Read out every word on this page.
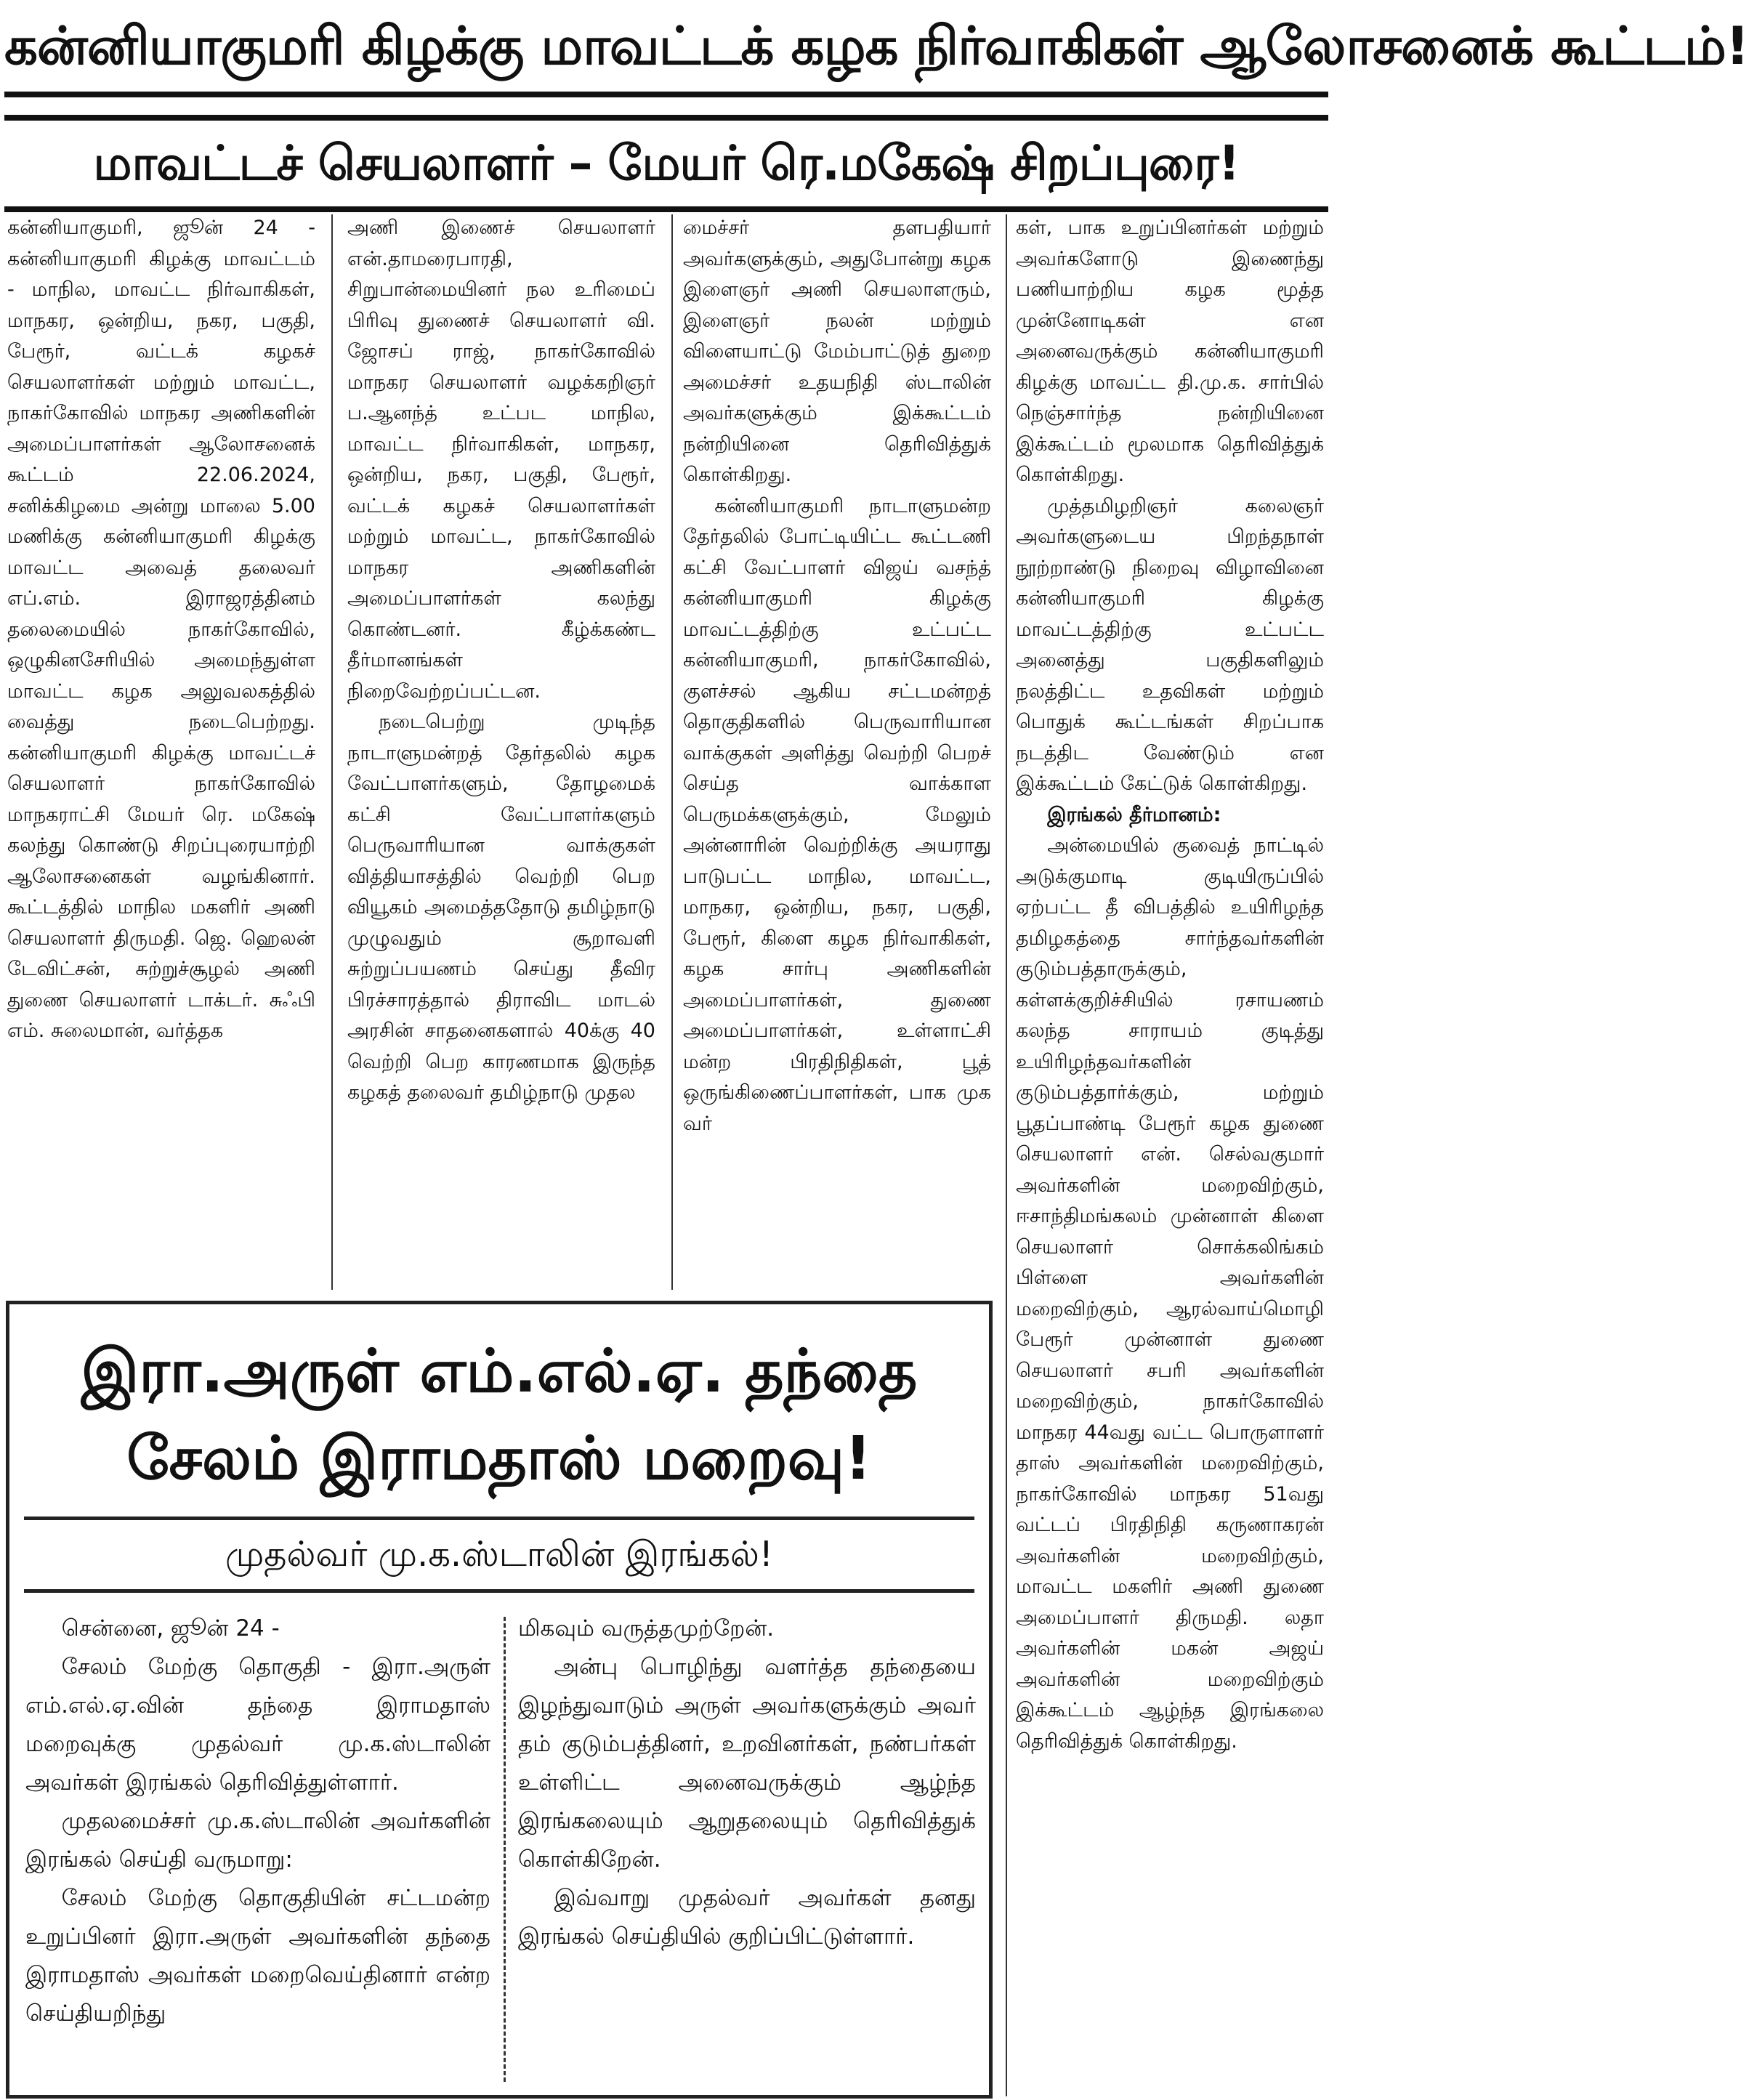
கன்னியாகுமரி கிழக்கு மாவட்டக் கழக நிர்வாகிகள் ஆலோசனைக் கூட்டம்!
மாவட்டச் செயலாளர் – மேயர் ரெ.மகேஷ் சிறப்புரை!

கன்னியாகுமரி, ஜூன் 24 - கன்னியாகுமரி கிழக்கு மாவட்டம் - மாநில, மாவட்ட நிர்வாகிகள், மாநகர, ஒன்றிய, நகர, பகுதி, பேரூர், வட்டக் கழகச் செயலாளர்கள் மற்றும் மாவட்ட, நாகர்கோவில் மாநகர அணிகளின் அமைப்பாளர்கள் ஆலோசனைக் கூட்டம் 22.06.2024, சனிக்கிழமை அன்று மாலை 5.00 மணிக்கு கன்னியாகுமரி கிழக்கு மாவட்ட அவைத் தலைவர் எப்.எம். இராஜரத்தினம் தலைமையில் நாகர்கோவில், ஒழுகினசேரியில் அமைந்துள்ள மாவட்ட கழக அலுவலகத்தில் வைத்து நடைபெற்றது. கன்னியாகுமரி கிழக்கு மாவட்டச் செயலாளர் நாகர்கோவில் மாநகராட்சி மேயர் ரெ. மகேஷ் கலந்து கொண்டு சிறப்புரையாற்றி ஆலோசனைகள் வழங்கினார். கூட்டத்தில் மாநில மகளிர் அணி செயலாளர் திருமதி. ஜெ. ஹெலன் டேவிட்சன், சுற்றுச்சூழல் அணி துணை செயலாளர் டாக்டர். சுஃபி எம். சுலைமான், வர்த்தக

அணி இணைச் செயலாளர் என்.தாமரைபாரதி, சிறுபான்மையினர் நல உரிமைப் பிரிவு துணைச் செயலாளர் வி. ஜோசப் ராஜ், நாகர்கோவில் மாநகர செயலாளர் வழக்கறிஞர் ப.ஆனந்த் உட்பட மாநில, மாவட்ட நிர்வாகிகள், மாநகர, ஒன்றிய, நகர, பகுதி, பேரூர், வட்டக் கழகச் செயலாளர்கள் மற்றும் மாவட்ட, நாகர்கோவில் மாநகர அணிகளின் அமைப்பாளர்கள் கலந்து கொண்டனர். கீழ்க்கண்ட தீர்மானங்கள் நிறைவேற்றப்பட்டன.

நடைபெற்று முடிந்த நாடாளுமன்றத் தேர்தலில் கழக வேட்பாளர்களும், தோழமைக் கட்சி வேட்பாளர்களும் பெருவாரியான வாக்குகள் வித்தியாசத்தில் வெற்றி பெற வியூகம் அமைத்ததோடு தமிழ்நாடு முழுவதும் சூறாவளி சுற்றுப்பயணம் செய்து தீவிர பிரச்சாரத்தால் திராவிட மாடல் அரசின் சாதனைகளால் 40க்கு 40 வெற்றி பெற காரணமாக இருந்த கழகத் தலைவர் தமிழ்நாடு முதல

மைச்சர் தளபதியார் அவர்களுக்கும், அதுபோன்று கழக இளைஞர் அணி செயலாளரும், இளைஞர் நலன் மற்றும் விளையாட்டு மேம்பாட்டுத் துறை அமைச்சர் உதயநிதி ஸ்டாலின் அவர்களுக்கும் இக்கூட்டம் நன்றியினை தெரிவித்துக் கொள்கிறது.

கன்னியாகுமரி நாடாளுமன்ற தேர்தலில் போட்டியிட்ட கூட்டணி கட்சி வேட்பாளர் விஜய் வசந்த் கன்னியாகுமரி கிழக்கு மாவட்டத்திற்கு உட்பட்ட கன்னியாகுமரி, நாகர்கோவில், குளச்சல் ஆகிய சட்டமன்றத் தொகுதிகளில் பெருவாரியான வாக்குகள் அளித்து வெற்றி பெறச் செய்த வாக்காள பெருமக்களுக்கும், மேலும் அன்னாரின் வெற்றிக்கு அயராது பாடுபட்ட மாநில, மாவட்ட, மாநகர, ஒன்றிய, நகர, பகுதி, பேரூர், கிளை கழக நிர்வாகிகள், கழக சார்பு அணிகளின் அமைப்பாளர்கள், துணை அமைப்பாளர்கள், உள்ளாட்சி மன்ற பிரதிநிதிகள், பூத் ஒருங்கிணைப்பாளர்கள், பாக முக வர்

கள், பாக உறுப்பினர்கள் மற்றும் அவர்களோடு இணைந்து பணியாற்றிய கழக மூத்த முன்னோடிகள் என அனைவருக்கும் கன்னியாகுமரி கிழக்கு மாவட்ட தி.மு.க. சார்பில் நெஞ்சார்ந்த நன்றியினை இக்கூட்டம் மூலமாக தெரிவித்துக் கொள்கிறது.

முத்தமிழறிஞர் கலைஞர் அவர்களுடைய பிறந்தநாள் நூற்றாண்டு நிறைவு விழாவினை கன்னியாகுமரி கிழக்கு மாவட்டத்திற்கு உட்பட்ட அனைத்து பகுதிகளிலும் நலத்திட்ட உதவிகள் மற்றும் பொதுக் கூட்டங்கள் சிறப்பாக நடத்திட வேண்டும் என இக்கூட்டம் கேட்டுக் கொள்கிறது.

இரங்கல் தீர்மானம்:

அன்மையில் குவைத் நாட்டில் அடுக்குமாடி குடியிருப்பில் ஏற்பட்ட தீ விபத்தில் உயிரிழந்த தமிழகத்தை சார்ந்தவர்களின் குடும்பத்தாருக்கும், கள்ளக்குறிச்சியில் ரசாயணம் கலந்த சாராயம் குடித்து உயிரிழந்தவர்களின் குடும்பத்தார்க்கும், மற்றும் பூதப்பாண்டி பேரூர் கழக துணை செயலாளர் என். செல்வகுமார் அவர்களின் மறைவிற்கும், ஈசாந்திமங்கலம் முன்னாள் கிளை செயலாளர் சொக்கலிங்கம் பிள்ளை அவர்களின் மறைவிற்கும், ஆரல்வாய்மொழி பேரூர் முன்னாள் துணை செயலாளர் சபரி அவர்களின் மறைவிற்கும், நாகர்கோவில் மாநகர 44வது வட்ட பொருளாளர் தாஸ் அவர்களின் மறைவிற்கும், நாகர்கோவில் மாநகர 51வது வட்டப் பிரதிநிதி கருணாகரன் அவர்களின் மறைவிற்கும், மாவட்ட மகளிர் அணி துணை அமைப்பாளர் திருமதி. லதா அவர்களின் மகன் அஜய் அவர்களின் மறைவிற்கும் இக்கூட்டம் ஆழ்ந்த இரங்கலை தெரிவித்துக் கொள்கிறது.

இரா.அருள் எம்.எல்.ஏ. தந்தை
சேலம் இராமதாஸ் மறைவு!
முதல்வர் மு.க.ஸ்டாலின் இரங்கல்!

சென்னை, ஜூன் 24 -

சேலம் மேற்கு தொகுதி - இரா.அருள் எம்.எல்.ஏ.வின் தந்தை இராமதாஸ் மறைவுக்கு முதல்வர் மு.க.ஸ்டாலின் அவர்கள் இரங்கல் தெரிவித்துள்ளார்.

முதலமைச்சர் மு.க.ஸ்டாலின் அவர்களின் இரங்கல் செய்தி வருமாறு:

சேலம் மேற்கு தொகுதியின் சட்டமன்ற உறுப்பினர் இரா.அருள் அவர்களின் தந்தை இராமதாஸ் அவர்கள் மறைவெய்தினார் என்ற செய்தியறிந்து

மிகவும் வருத்தமுற்றேன்.

அன்பு பொழிந்து வளர்த்த தந்தையை இழந்துவாடும் அருள் அவர்களுக்கும் அவர் தம் குடும்பத்தினர், உறவினர்கள், நண்பர்கள் உள்ளிட்ட அனைவருக்கும் ஆழ்ந்த இரங்கலையும் ஆறுதலையும் தெரிவித்துக் கொள்கிறேன்.

இவ்வாறு முதல்வர் அவர்கள் தனது இரங்கல் செய்தியில் குறிப்பிட்டுள்ளார்.
